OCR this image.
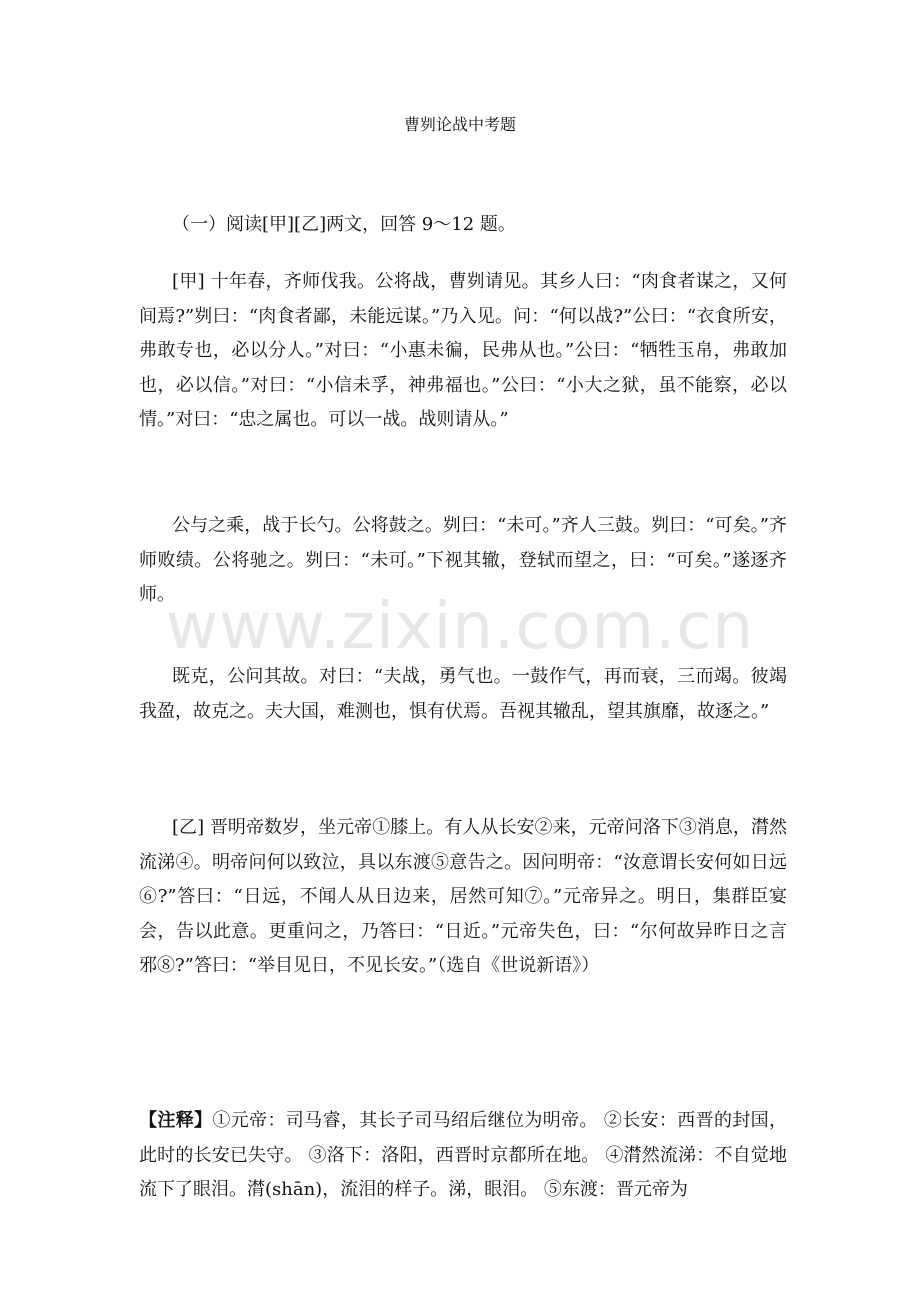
曹刿论战中考题

（一）阅读[甲][乙]两文，回答 9～12 题。

[甲] 十年春，齐师伐我。公将战，曹刿请见。其乡人曰：“肉食者谋之，又何间焉?”刿曰：“肉食者鄙，未能远谋。”乃入见。问：“何以战?”公曰：“衣食所安，弗敢专也，必以分人。”对曰：“小惠未徧，民弗从也。”公曰：“牺牲玉帛，弗敢加也，必以信。”对曰：“小信未孚，神弗福也。”公曰：“小大之狱，虽不能察，必以情。”对曰：“忠之属也。可以一战。战则请从。”

公与之乘，战于长勺。公将鼓之。刿曰：“未可。”齐人三鼓。刿曰：“可矣。”齐师败绩。公将驰之。刿曰：“未可。”下视其辙，登轼而望之，曰：“可矣。”遂逐齐师。

既克，公问其故。对曰：“夫战，勇气也。一鼓作气，再而衰，三而竭。彼竭我盈，故克之。夫大国，难测也，惧有伏焉。吾视其辙乱，望其旗靡，故逐之。”

[乙] 晋明帝数岁，坐元帝①膝上。有人从长安②来，元帝问洛下③消息，潸然流涕④。明帝问何以致泣，具以东渡⑤意告之。因问明帝：“汝意谓长安何如日远⑥?”答曰：“日远，不闻人从日边来，居然可知⑦。”元帝异之。明日，集群臣宴会，告以此意。更重问之，乃答曰：“日近。”元帝失色，曰：“尔何故异昨日之言邪⑧?”答曰：“举目见日，不见长安。”（选自《世说新语》）

【注释】①元帝：司马睿，其长子司马绍后继位为明帝。 ②长安：西晋的封国，此时的长安已失守。 ③洛下：洛阳，西晋时京都所在地。 ④潸然流涕：不自觉地流下了眼泪。潸(shān)，流泪的样子。涕，眼泪。 ⑤东渡：晋元帝为

www.zixin.com.cn
